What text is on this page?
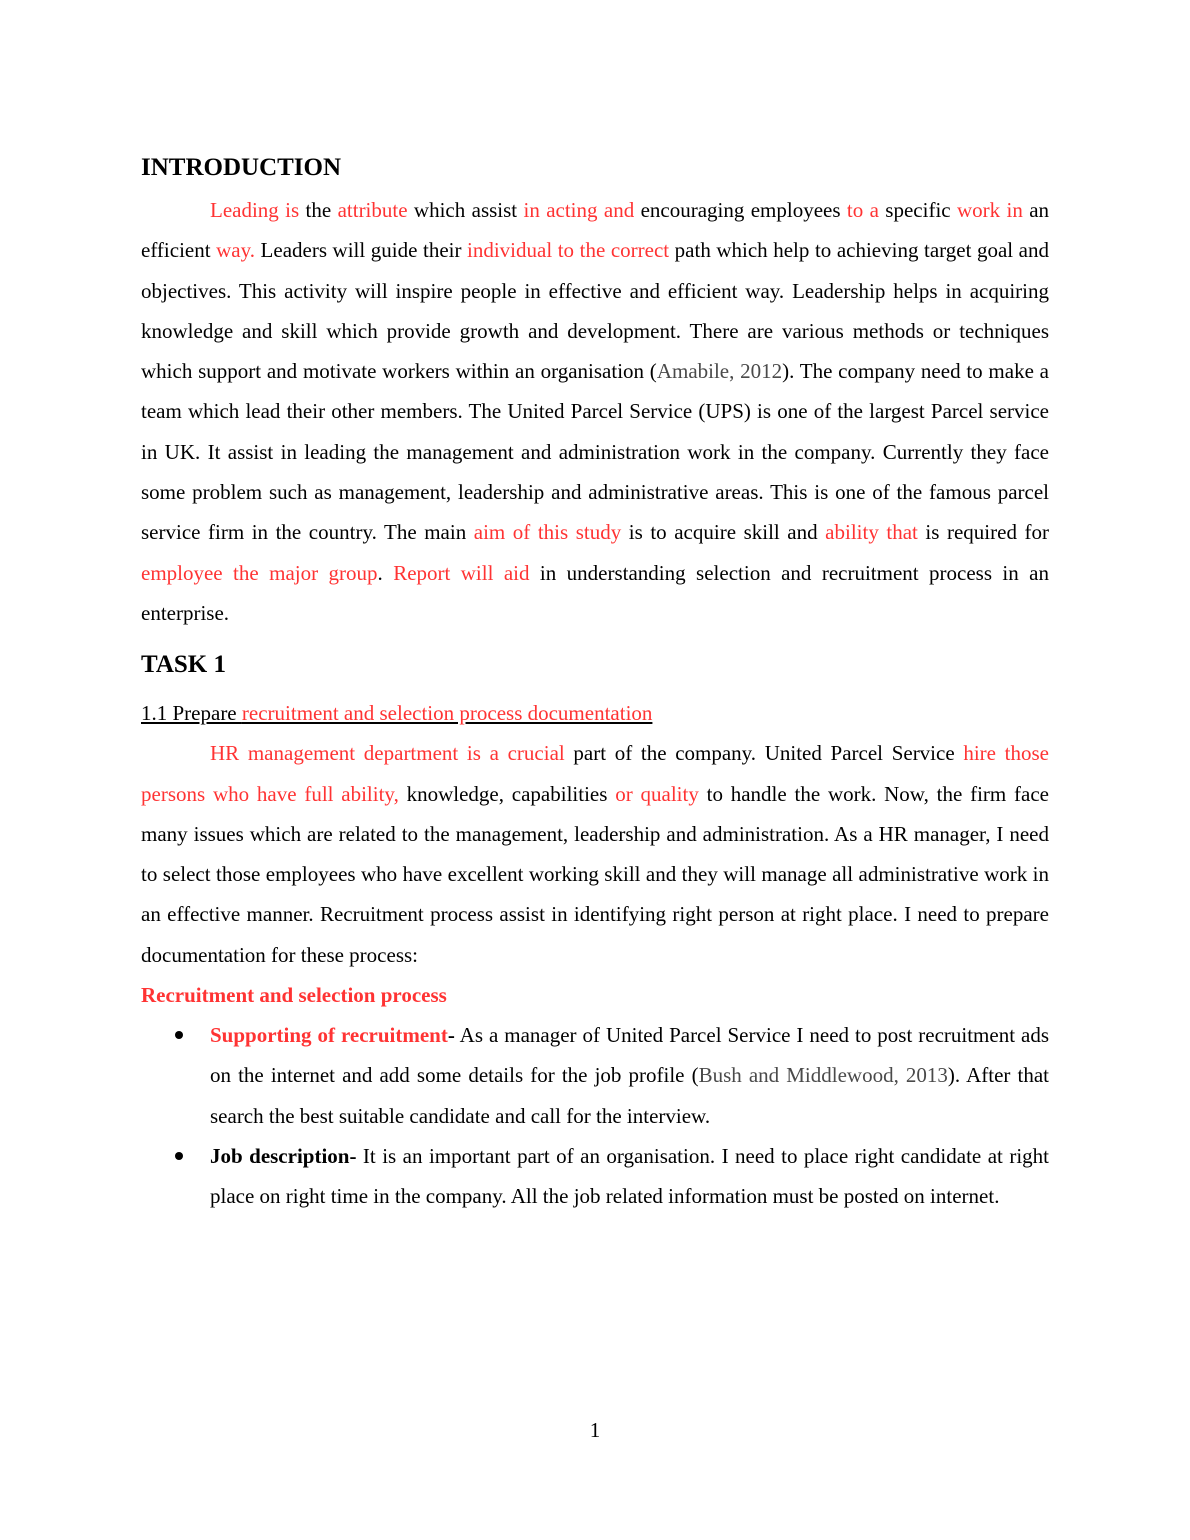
INTRODUCTION

Leading is the attribute which assist in acting and encouraging employees to a specific work in an efficient way. Leaders will guide their individual to the correct path which help to achieving target goal and objectives. This activity will inspire people in effective and efficient way. Leadership helps in acquiring knowledge and skill which provide growth and development. There are various methods or techniques which support and motivate workers within an organisation (Amabile, 2012). The company need to make a team which lead their other members. The United Parcel Service (UPS) is one of the largest Parcel service in UK. It assist in leading the management and administration work in the company. Currently they face some problem such as management, leadership and administrative areas. This is one of the famous parcel service firm in the country. The main aim of this study is to acquire skill and ability that is required for employee the major group. Report will aid in understanding selection and recruitment process in an enterprise.

TASK 1

1.1 Prepare recruitment and selection process documentation

HR management department is a crucial part of the company. United Parcel Service hire those persons who have full ability, knowledge, capabilities or quality to handle the work. Now, the firm face many issues which are related to the management, leadership and administration. As a HR manager, I need to select those employees who have excellent working skill and they will manage all administrative work in an effective manner. Recruitment process assist in identifying right person at right place. I need to prepare documentation for these process:

Recruitment and selection process

Supporting of recruitment- As a manager of United Parcel Service I need to post recruitment ads on the internet and add some details for the job profile (Bush and Middlewood, 2013). After that search the best suitable candidate and call for the interview.
Job description- It is an important part of an organisation. I need to place right candidate at right place on right time in the company. All the job related information must be posted on internet.
1
